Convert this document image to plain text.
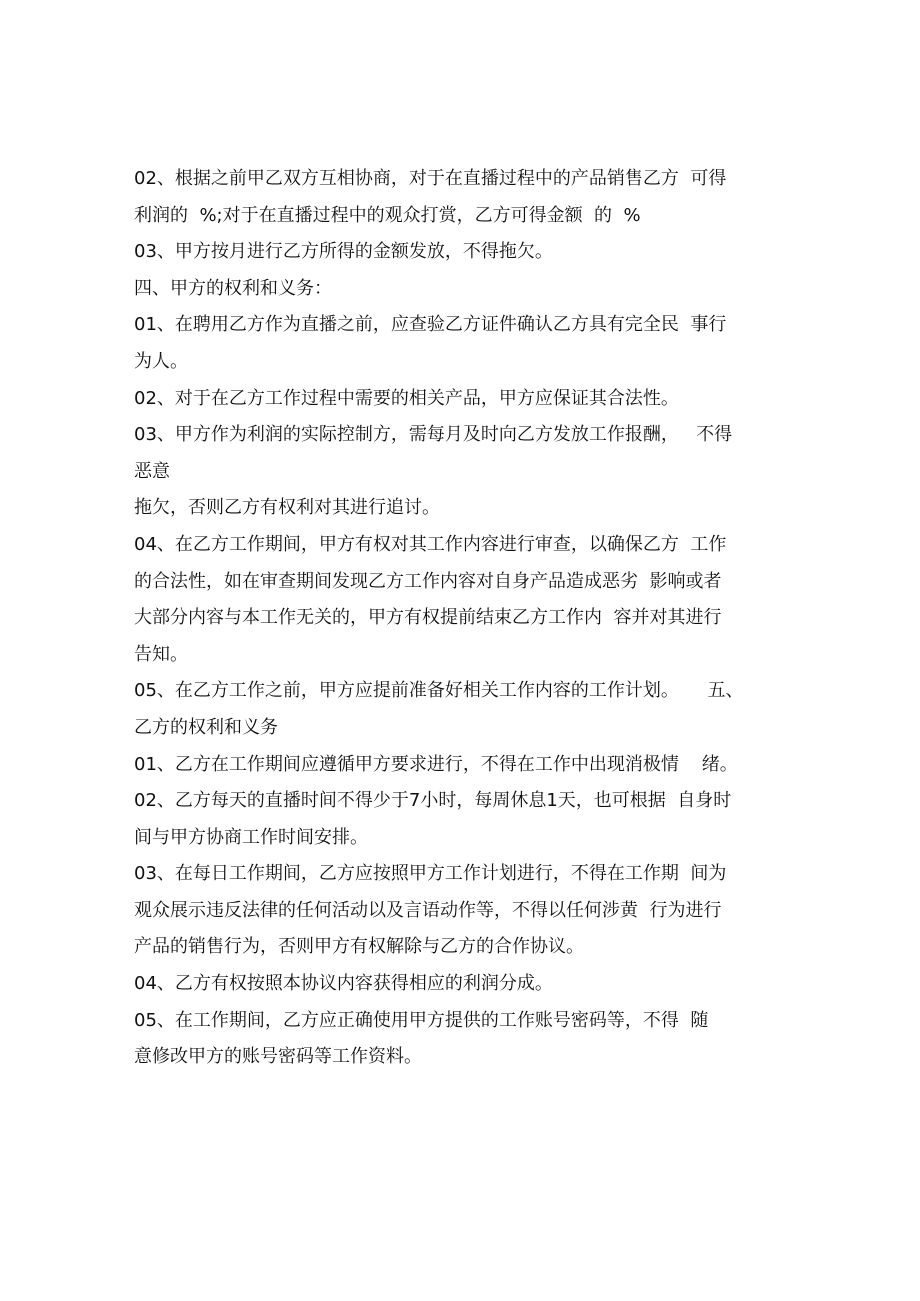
02、根据之前甲乙双方互相协商，对于在直播过程中的产品销售乙方  可得
利润的  %;对于在直播过程中的观众打赏，乙方可得金额  的  %
03、甲方按月进行乙方所得的金额发放，不得拖欠。
四、甲方的权利和义务：
01、在聘用乙方作为直播之前，应查验乙方证件确认乙方具有完全民  事行
为人。
02、对于在乙方工作过程中需要的相关产品，甲方应保证其合法性。
03、甲方作为利润的实际控制方，需每月及时向乙方发放工作报酬，   不得
恶意
拖欠，否则乙方有权利对其进行追讨。
04、在乙方工作期间，甲方有权对其工作内容进行审查，以确保乙方  工作
的合法性，如在审查期间发现乙方工作内容对自身产品造成恶劣  影响或者
大部分内容与本工作无关的，甲方有权提前结束乙方工作内  容并对其进行
告知。
05、在乙方工作之前，甲方应提前准备好相关工作内容的工作计划。     五、
乙方的权利和义务
01、乙方在工作期间应遵循甲方要求进行，不得在工作中出现消极情    绪。
02、乙方每天的直播时间不得少于7小时，每周休息1天，也可根据  自身时
间与甲方协商工作时间安排。
03、在每日工作期间，乙方应按照甲方工作计划进行，不得在工作期  间为
观众展示违反法律的任何活动以及言语动作等，不得以任何涉黄  行为进行
产品的销售行为，否则甲方有权解除与乙方的合作协议。
04、乙方有权按照本协议内容获得相应的利润分成。
05、在工作期间，乙方应正确使用甲方提供的工作账号密码等，不得  随
意修改甲方的账号密码等工作资料。
